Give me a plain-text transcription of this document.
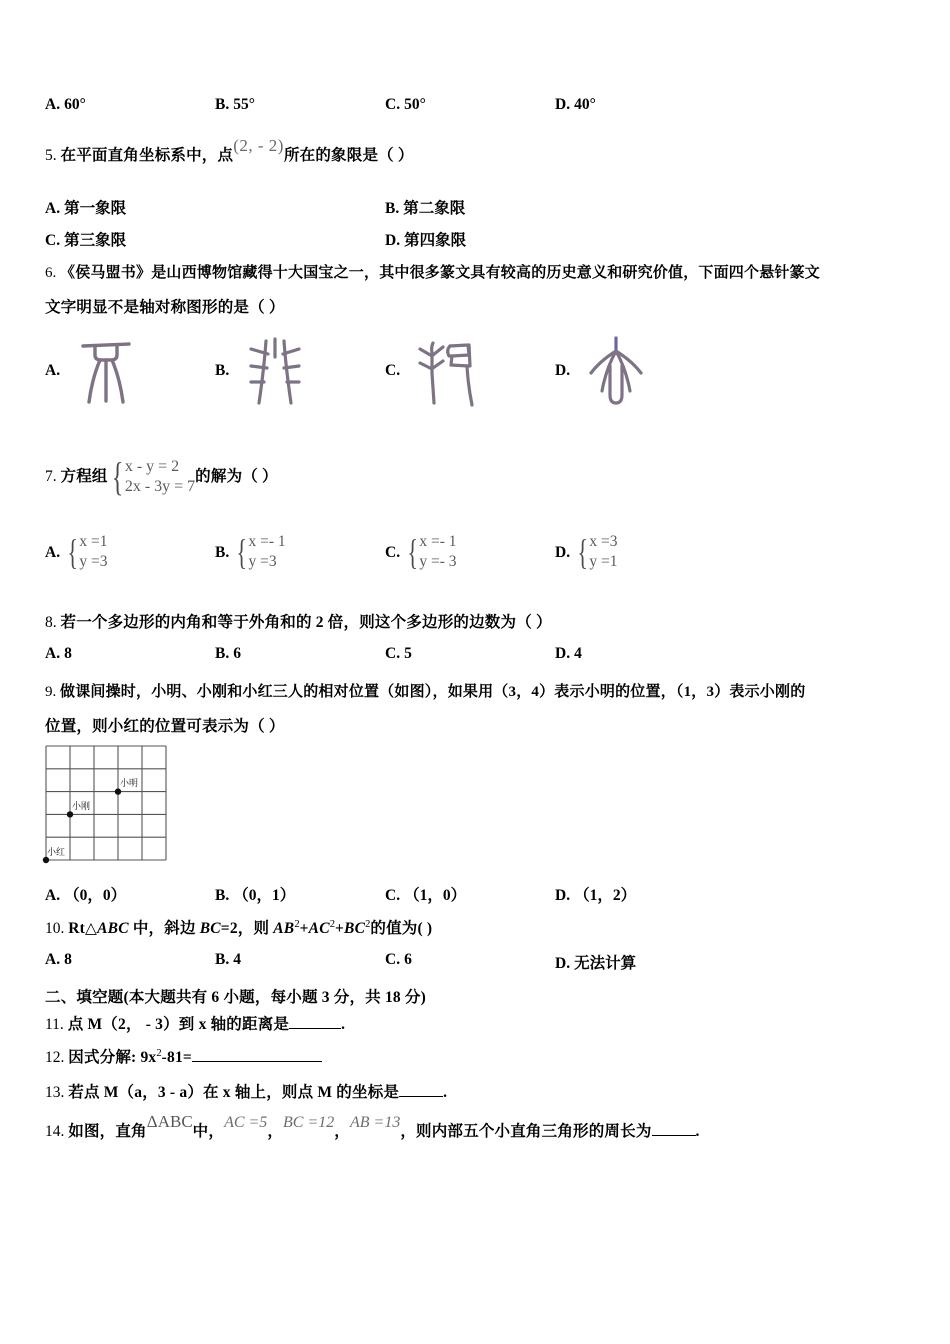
A. 60°	B. 55°	C. 50°	D. 40°
5. 在平面直角坐标系中，点(2, - 2)所在的象限是（ ）
A. 第一象限	B. 第二象限
C. 第三象限	D. 第四象限
6. 《侯马盟书》是山西博物馆藏得十大国宝之一，其中很多篆文具有较高的历史意义和研究价值，下面四个悬针篆文
文字明显不是轴对称图形的是（ ）
A.	B.	C.	D.
7. 方程组 { x - y = 2
2x - 3y = 7
的解为（ ）
A. { x =1
y =3
B. { x =- 1
y =3
C. { x =- 1
y =- 3
D. { x =3
y =1
8. 若一个多边形的内角和等于外角和的 2 倍，则这个多边形的边数为（ ）
A. 8	B. 6	C. 5	D. 4
9. 做课间操时，小明、小刚和小红三人的相对位置（如图），如果用（3，4）表示小明的位置，（1，3）表示小刚的
位置，则小红的位置可表示为（ ）
小明
小刚
小红
A. （0，0）	B. （0，1）	C. （1，0）	D. （1，2）
10. Rt△ABC 中，斜边 BC=2，则 $AB^2+AC^2+BC^2$的值为( )
A. 8	B. 4	C. 6	D. 无法计算
二、填空题(本大题共有 6 小题，每小题 3 分，共 18 分)
11. 点 M（2， - 3）到 x 轴的距离是	.
12. 因式分解: $9x^2-81=$
13. 若点 M（a，3 - a）在 x 轴上，则点 M 的坐标是	.
14. 如图，直角ΔABC中，AC =5，BC =12，AB =13，则内部五个小直角三角形的周长为	.
